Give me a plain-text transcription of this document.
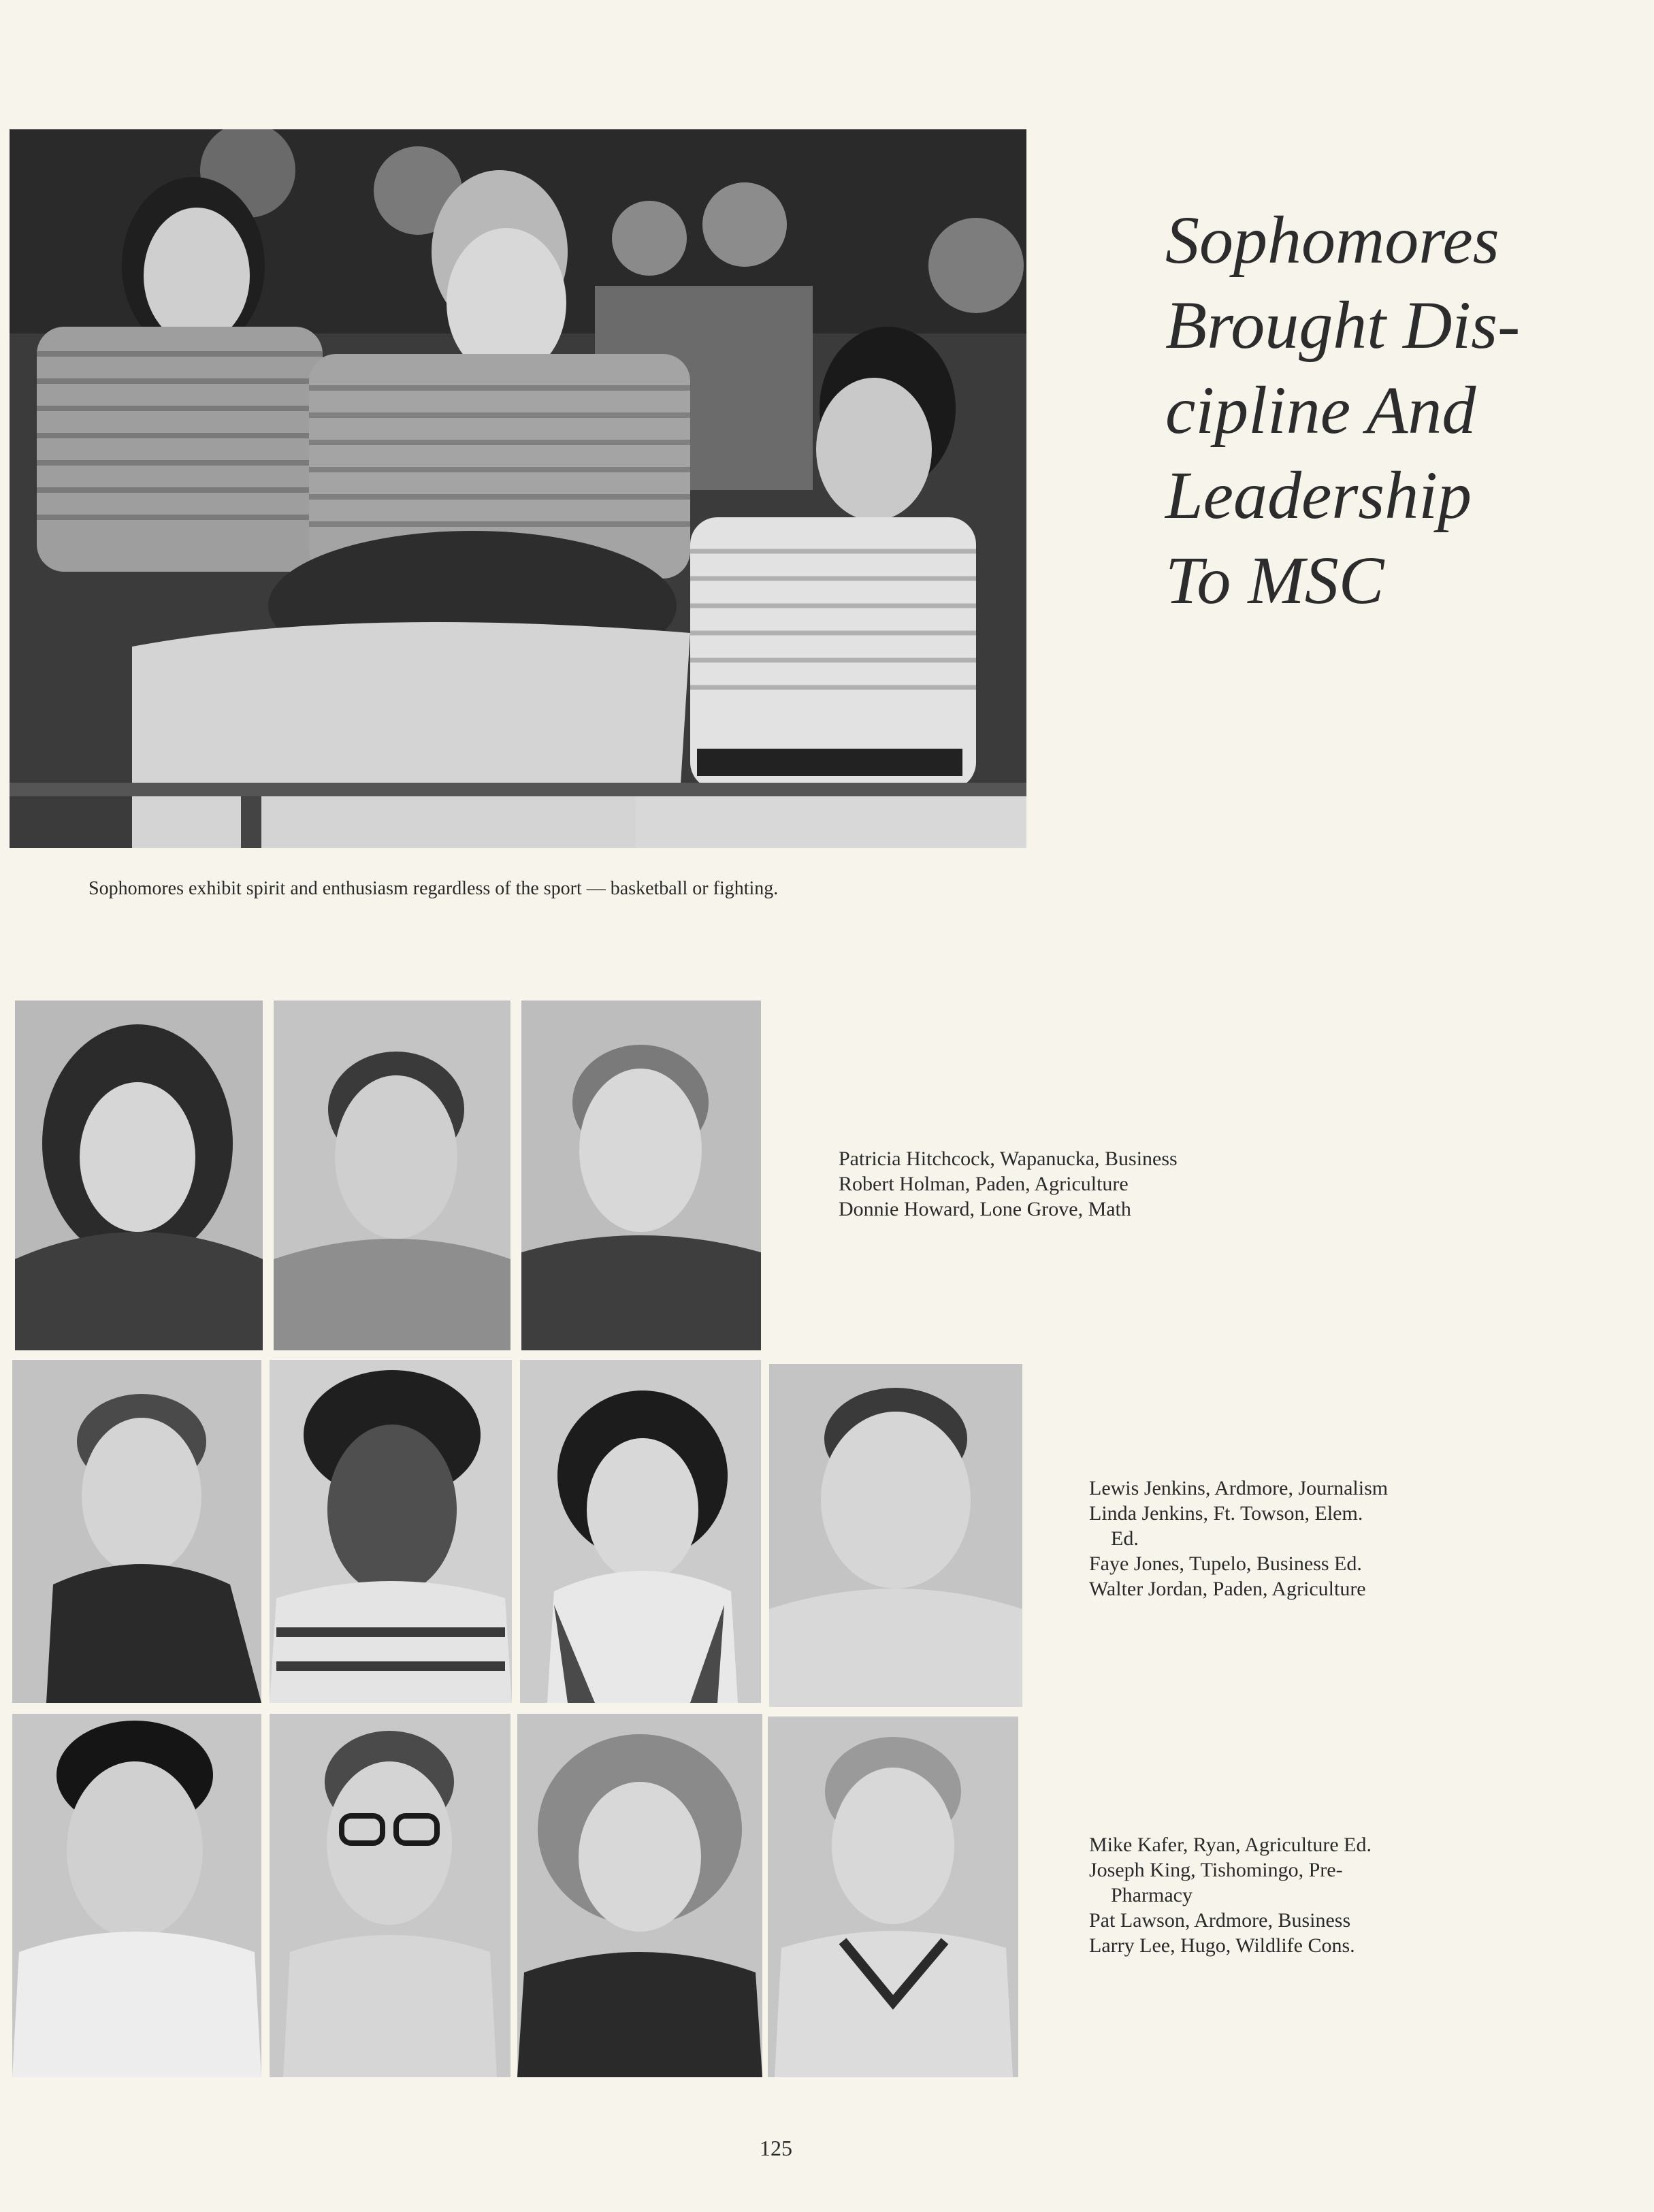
Sophomores
Brought Dis-
cipline And
Leadership
To MSC
Sophomores exhibit spirit and enthusiasm regardless of the sport — basketball or fighting.
Patricia Hitchcock, Wapanucka, Business
Robert Holman, Paden, Agriculture
Donnie Howard, Lone Grove, Math
Lewis Jenkins, Ardmore, Journalism
Linda Jenkins, Ft. Towson, Elem.
Ed.
Faye Jones, Tupelo, Business Ed.
Walter Jordan, Paden, Agriculture
Mike Kafer, Ryan, Agriculture Ed.
Joseph King, Tishomingo, Pre-
Pharmacy
Pat Lawson, Ardmore, Business
Larry Lee, Hugo, Wildlife Cons.
125
